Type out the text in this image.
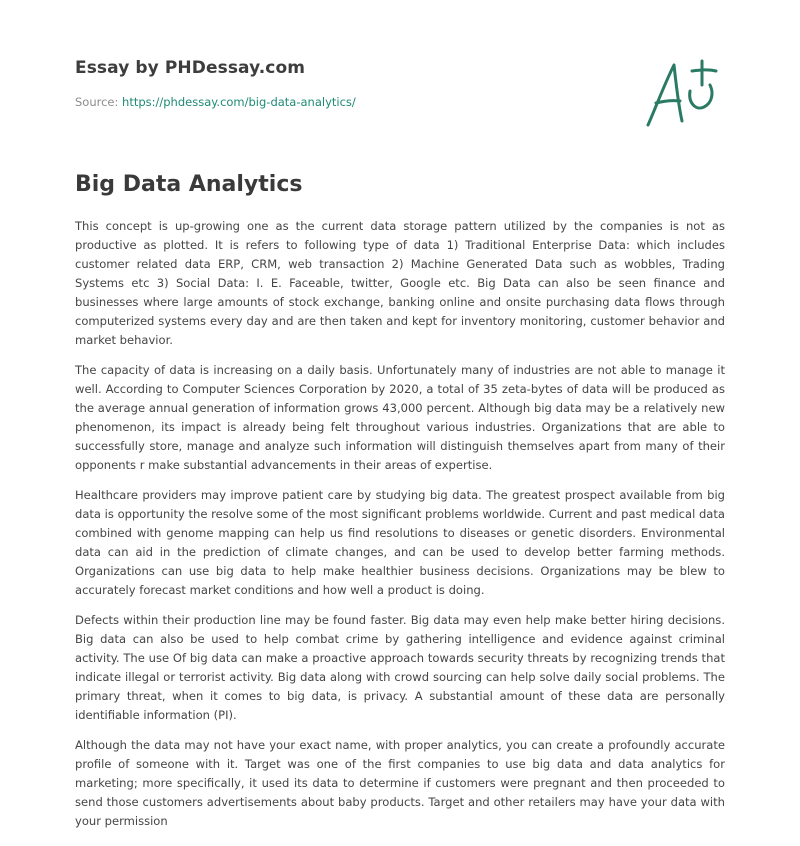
Essay by PHDessay.com
Source: https://phdessay.com/big-data-analytics/
Big Data Analytics

This concept is up-growing one as the current data storage pattern utilized by the companies is not as productive as plotted. It is refers to following type of data 1) Traditional Enterprise Data: which includes customer related data ERP, CRM, web transaction 2) Machine Generated Data such as wobbles, Trading Systems etc 3) Social Data: I. E. Faceable, twitter, Google etc. Big Data can also be seen finance and businesses where large amounts of stock exchange, banking online and onsite purchasing data flows through computerized systems every day and are then taken and kept for inventory monitoring, customer behavior and market behavior.

The capacity of data is increasing on a daily basis. Unfortunately many of industries are not able to manage it well. According to Computer Sciences Corporation by 2020, a total of 35 zeta-bytes of data will be produced as the average annual generation of information grows 43,000 percent. Although big data may be a relatively new phenomenon, its impact is already being felt throughout various industries. Organizations that are able to successfully store, manage and analyze such information will distinguish themselves apart from many of their opponents r make substantial advancements in their areas of expertise.

Healthcare providers may improve patient care by studying big data. The greatest prospect available from big data is opportunity the resolve some of the most significant problems worldwide. Current and past medical data combined with genome mapping can help us find resolutions to diseases or genetic disorders. Environmental data can aid in the prediction of climate changes, and can be used to develop better farming methods. Organizations can use big data to help make healthier business decisions. Organizations may be blew to accurately forecast market conditions and how well a product is doing.

Defects within their production line may be found faster. Big data may even help make better hiring decisions. Big data can also be used to help combat crime by gathering intelligence and evidence against criminal activity. The use Of big data can make a proactive approach towards security threats by recognizing trends that indicate illegal or terrorist activity. Big data along with crowd sourcing can help solve daily social problems. The primary threat, when it comes to big data, is privacy. A substantial amount of these data are personally identifiable information (PI).

Although the data may not have your exact name, with proper analytics, you can create a profoundly accurate profile of someone with it. Target was one of the first companies to use big data and data analytics for marketing; more specifically, it used its data to determine if customers were pregnant and then proceeded to send those customers advertisements about baby products. Target and other retailers may have your data with your permission
